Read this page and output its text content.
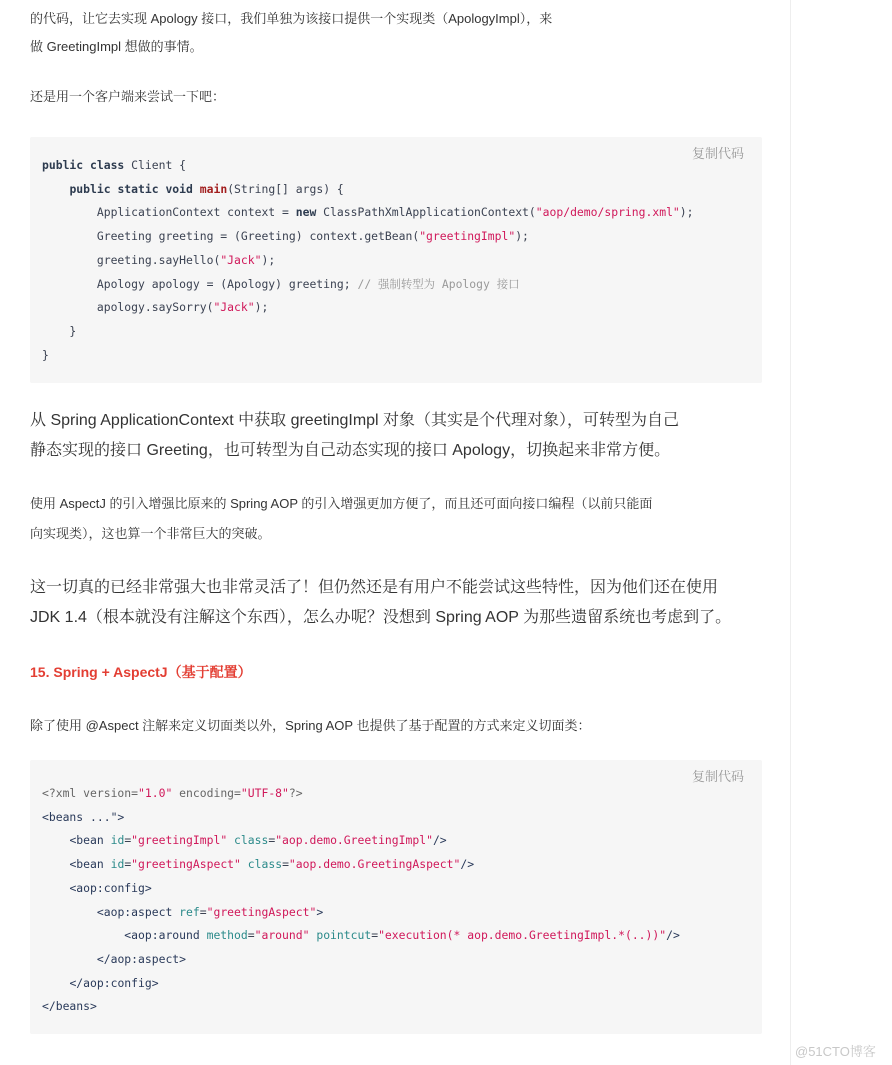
的代码，让它去实现 Apology 接口，我们单独为该接口提供一个实现类（ApologyImpl），来

做 GreetingImpl 想做的事情。

还是用一个客户端来尝试一下吧：

复制代码
public class Client {
public static void main(String[] args) {
ApplicationContext context = new ClassPathXmlApplicationContext("aop/demo/spring.xml");
Greeting greeting = (Greeting) context.getBean("greetingImpl");
greeting.sayHello("Jack");
Apology apology = (Apology) greeting; // 强制转型为 Apology 接口
apology.saySorry("Jack");
}
}

从 Spring ApplicationContext 中获取 greetingImpl 对象（其实是个代理对象），可转型为自己

静态实现的接口 Greeting，也可转型为自己动态实现的接口 Apology，切换起来非常方便。

使用 AspectJ 的引入增强比原来的 Spring AOP 的引入增强更加方便了，而且还可面向接口编程（以前只能面

向实现类），这也算一个非常巨大的突破。

这一切真的已经非常强大也非常灵活了！但仍然还是有用户不能尝试这些特性，因为他们还在使用

JDK 1.4（根本就没有注解这个东西），怎么办呢？没想到 Spring AOP 为那些遗留系统也考虑到了。

15. Spring + AspectJ（基于配置）

除了使用 @Aspect 注解来定义切面类以外，Spring AOP 也提供了基于配置的方式来定义切面类：

复制代码
<?xml version="1.0" encoding="UTF-8"?>
<beans ...">
<bean id="greetingImpl" class="aop.demo.GreetingImpl"/>
<bean id="greetingAspect" class="aop.demo.GreetingAspect"/>
<aop:config>
<aop:aspect ref="greetingAspect">
<aop:around method="around" pointcut="execution(* aop.demo.GreetingImpl.*(..))"/>
</aop:aspect>
</aop:config>
</beans>
@51CTO博客
